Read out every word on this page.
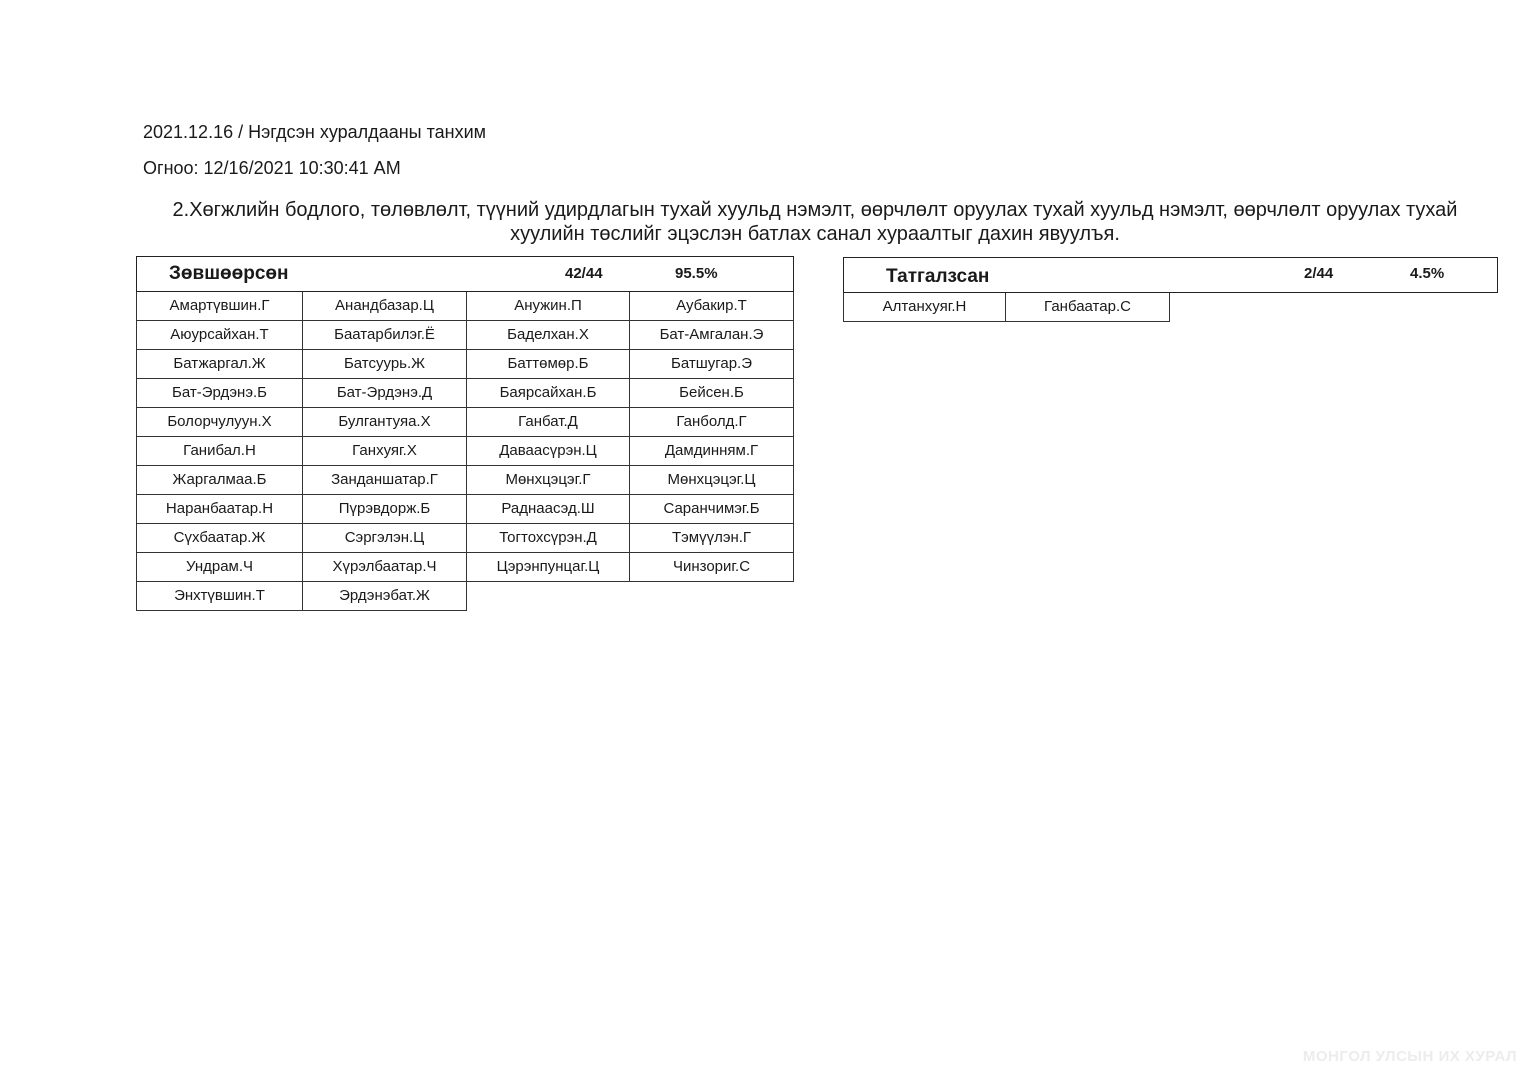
2021.12.16 / Нэгдсэн хуралдааны танхим
Огноо: 12/16/2021 10:30:41 AM
2.Хөгжлийн бодлого, төлөвлөлт, түүний удирдлагын тухай хуульд нэмэлт, өөрчлөлт оруулах тухай хуульд нэмэлт, өөрчлөлт оруулах тухай хуулийн төслийг эцэслэн батлах санал хураалтыг дахин явуулъя.
Зөвшөөрсөн	42/44	95.5%
Амартүвшин.Г	Анандбазар.Ц	Анужин.П	Аубакир.Т
Аюурсайхан.Т	Баатарбилэг.Ё	Баделхан.Х	Бат-Амгалан.Э
Батжаргал.Ж	Батсуурь.Ж	Баттөмөр.Б	Батшугар.Э
Бат-Эрдэнэ.Б	Бат-Эрдэнэ.Д	Баярсайхан.Б	Бейсен.Б
Болорчулуун.Х	Булгантуяа.Х	Ганбат.Д	Ганболд.Г
Ганибал.Н	Ганхуяг.Х	Даваасүрэн.Ц	Дамдинням.Г
Жаргалмаа.Б	Занданшатар.Г	Мөнхцэцэг.Г	Мөнхцэцэг.Ц
Наранбаатар.Н	Пүрэвдорж.Б	Раднаасэд.Ш	Саранчимэг.Б
Сүхбаатар.Ж	Сэргэлэн.Ц	Тогтохсүрэн.Д	Тэмүүлэн.Г
Ундрам.Ч	Хүрэлбаатар.Ч	Цэрэнпунцаг.Ц	Чинзориг.С
Энхтүвшин.Т	Эрдэнэбат.Ж
Татгалзсан	2/44	4.5%
Алтанхуяг.Н	Ганбаатар.С
МОНГОЛ УЛСЫН ИХ ХУРАЛ
